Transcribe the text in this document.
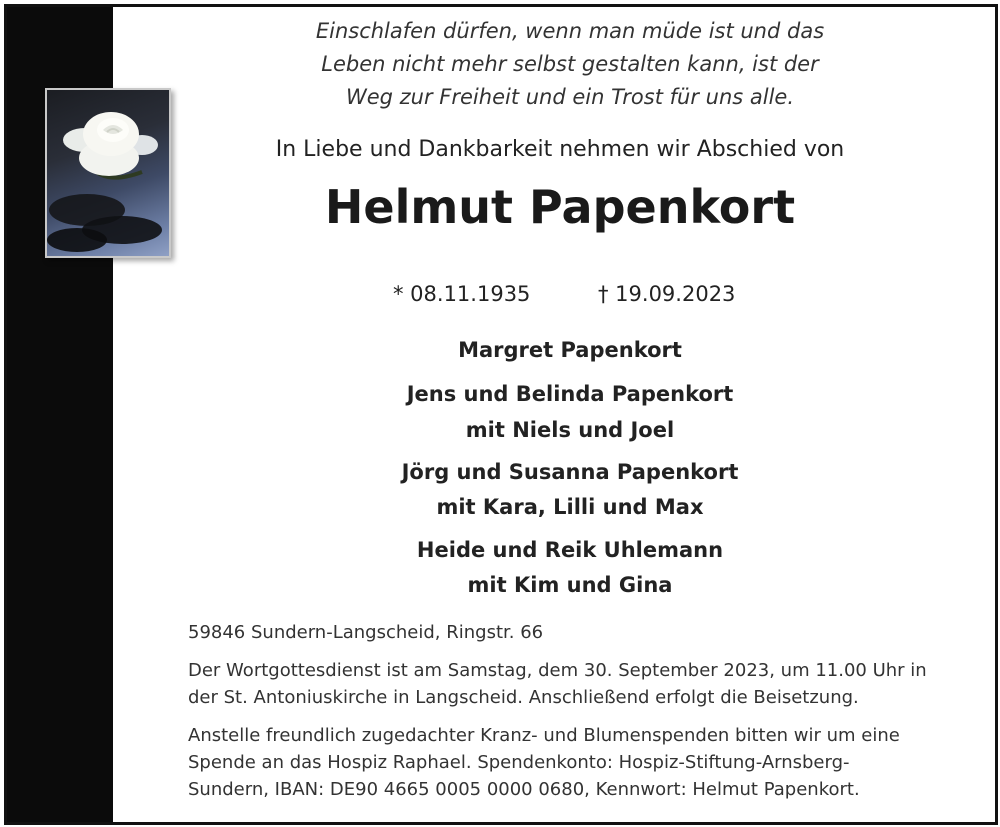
Einschlafen dürfen, wenn man müde ist und das
Leben nicht mehr selbst gestalten kann, ist der
Weg zur Freiheit und ein Trost für uns alle.
In Liebe und Dankbarkeit nehmen wir Abschied von
Helmut Papenkort
* 08.11.1935	† 19.09.2023
Margret Papenkort
Jens und Belinda Papenkort
mit Niels und Joel
Jörg und Susanna Papenkort
mit Kara, Lilli und Max
Heide und Reik Uhlemann
mit Kim und Gina
59846 Sundern-Langscheid, Ringstr. 66
Der Wortgottesdienst ist am Samstag, dem 30. September 2023, um 11.00 Uhr in
der St. Antoniuskirche in Langscheid. Anschließend erfolgt die Beisetzung.
Anstelle freundlich zugedachter Kranz- und Blumenspenden bitten wir um eine
Spende an das Hospiz Raphael. Spendenkonto: Hospiz-Stiftung-Arnsberg-
Sundern, IBAN: DE90 4665 0005 0000 0680, Kennwort: Helmut Papenkort.
